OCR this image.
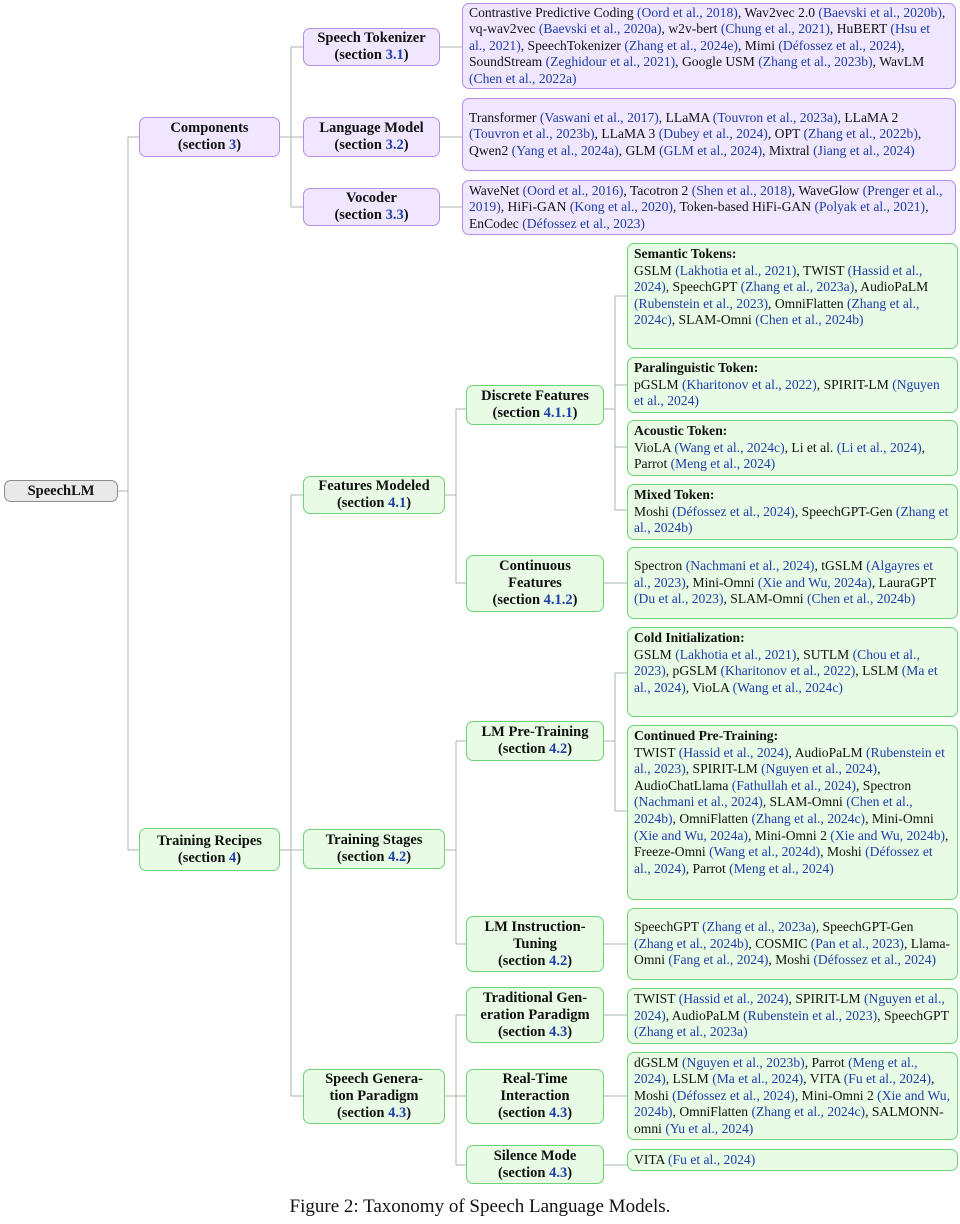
SpeechLM
Components
(section 3)
Training Recipes
(section 4)
Speech Tokenizer
(section 3.1)
Language Model
(section 3.2)
Vocoder
(section 3.3)
Features Modeled
(section 4.1)
Training Stages
(section 4.2)
Speech Genera-tion Paradigm
(section 4.3)
Discrete Features
(section 4.1.1)
Continuous Features
(section 4.1.2)
LM Pre-Training
(section 4.2)
LM Instruction-Tuning
(section 4.2)
Traditional Gen-eration Paradigm
(section 4.3)
Real-Time Interaction
(section 4.3)
Silence Mode
(section 4.3)
Contrastive Predictive Coding (Oord et al., 2018) , Wav2vec 2.0 (Baevski et al., 2020b), vq-wav2vec (Baevski et al., 2020a) , w2v-bert (Chung et al., 2021) , HuBERT (Hsu et al., 2021) , SpeechTokenizer (Zhang et al., 2024e) , Mimi (Défossez et al., 2024), SoundStream (Zeghidour et al., 2021) , Google USM (Zhang et al., 2023b) , WavLM (Chen et al., 2022a)
Transformer (Vaswani et al., 2017) , LLaMA (Touvron et al., 2023a) , LLaMA 2 (Touvron et al., 2023b) , LLaMA 3 (Dubey et al., 2024) , OPT (Zhang et al., 2022b), Qwen2 (Yang et al., 2024a) , GLM (GLM et al., 2024) , Mixtral (Jiang et al., 2024)
WaveNet (Oord et al., 2016) , Tacotron 2 (Shen et al., 2018) , WaveGlow (Prenger et al., 2019) , HiFi-GAN (Kong et al., 2020) , Token-based HiFi-GAN (Polyak et al., 2021), EnCodec (Défossez et al., 2023)
Semantic Tokens:
GSLM (Lakhotia et al., 2021) , TWIST (Hassid et al., 2024) , SpeechGPT (Zhang et al., 2023a) , AudioPaLM (Rubenstein et al., 2023) , OmniFlatten (Zhang et al., 2024c) , SLAM-Omni (Chen et al., 2024b)
Paralinguistic Token:
pGSLM (Kharitonov et al., 2022) , SPIRIT-LM (Nguyen et al., 2024)
Acoustic Token:
VioLA (Wang et al., 2024c) , Li et al. (Li et al., 2024), Parrot (Meng et al., 2024)
Mixed Token:
Moshi (Défossez et al., 2024) , SpeechGPT-Gen (Zhang et al., 2024b)
Spectron (Nachmani et al., 2024) , tGSLM (Algayres et al., 2023) , Mini-Omni (Xie and Wu, 2024a) , LauraGPT (Du et al., 2023) , SLAM-Omni (Chen et al., 2024b)
Cold Initialization:
GSLM (Lakhotia et al., 2021) , SUTLM (Chou et al., 2023) , pGSLM (Kharitonov et al., 2022) , LSLM (Ma et al., 2024) , VioLA (Wang et al., 2024c)
Continued Pre-Training:
TWIST (Hassid et al., 2024) , AudioPaLM (Rubenstein et al., 2023) , SPIRIT-LM (Nguyen et al., 2024), AudioChatLlama (Fathullah et al., 2024) , Spectron (Nachmani et al., 2024) , SLAM-Omni (Chen et al., 2024b) , OmniFlatten (Zhang et al., 2024c) , Mini-Omni (Xie and Wu, 2024a) , Mini-Omni 2 (Xie and Wu, 2024b), Freeze-Omni (Wang et al., 2024d) , Moshi (Défossez et al., 2024) , Parrot (Meng et al., 2024)
SpeechGPT (Zhang et al., 2023a) , SpeechGPT-Gen (Zhang et al., 2024b) , COSMIC (Pan et al., 2023) , Llama-Omni (Fang et al., 2024) , Moshi (Défossez et al., 2024)
TWIST (Hassid et al., 2024) , SPIRIT-LM (Nguyen et al., 2024) , AudioPaLM (Rubenstein et al., 2023) , SpeechGPT (Zhang et al., 2023a)
dGSLM (Nguyen et al., 2023b) , Parrot (Meng et al., 2024) , LSLM (Ma et al., 2024) , VITA (Fu et al., 2024), Moshi (Défossez et al., 2024) , Mini-Omni 2 (Xie and Wu, 2024b) , OmniFlatten (Zhang et al., 2024c) , SALMONN-omni (Yu et al., 2024)
VITA (Fu et al., 2024)
Figure 2: Taxonomy of Speech Language Models.
